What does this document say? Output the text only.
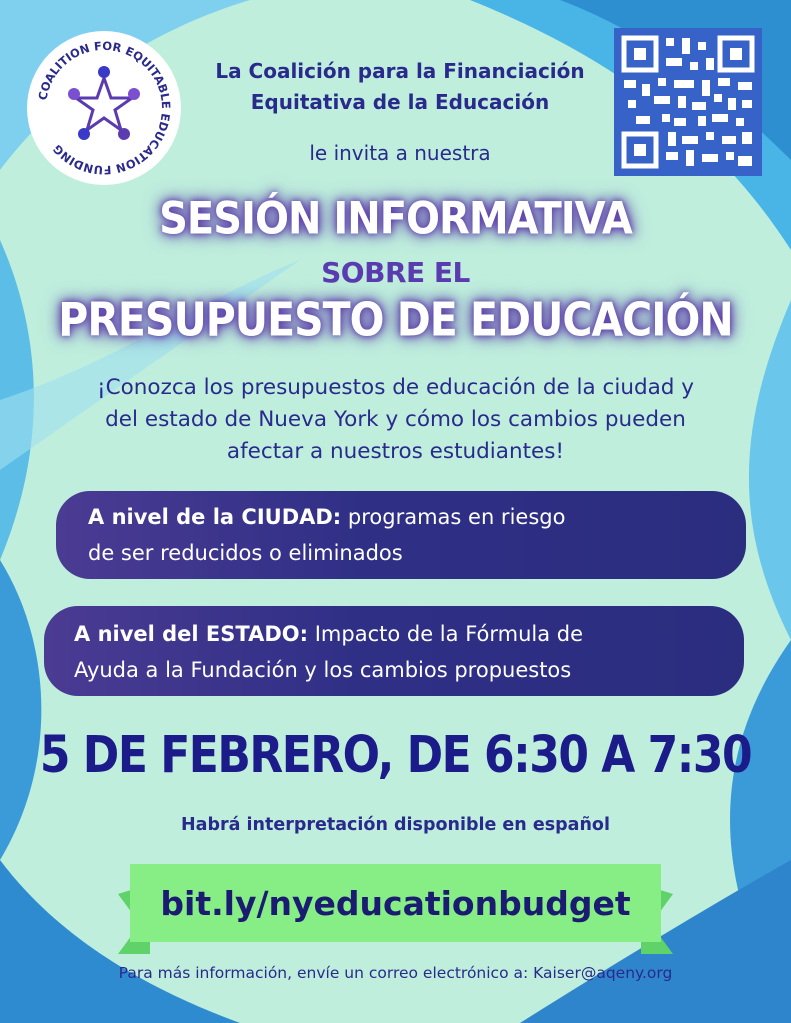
COALITION FOR EQUITABLE EDUCATION FUNDING
La Coalición para la Financiación
Equitativa de la Educación
le invita a nuestra
SESIÓN INFORMATIVA
SOBRE EL
PRESUPUESTO DE EDUCACIÓN
¡Conozca los presupuestos de educación de la ciudad y
del estado de Nueva York y cómo los cambios pueden
afectar a nuestros estudiantes!
A nivel de la CIUDAD: programas en riesgo
de ser reducidos o eliminados
A nivel del ESTADO: Impacto de la Fórmula de
Ayuda a la Fundación y los cambios propuestos
5 DE FEBRERO, DE 6:30 A 7:30
Habrá interpretación disponible en español
bit.ly/nyeducationbudget
Para más información, envíe un correo electrónico a: Kaiser@aqeny.org
